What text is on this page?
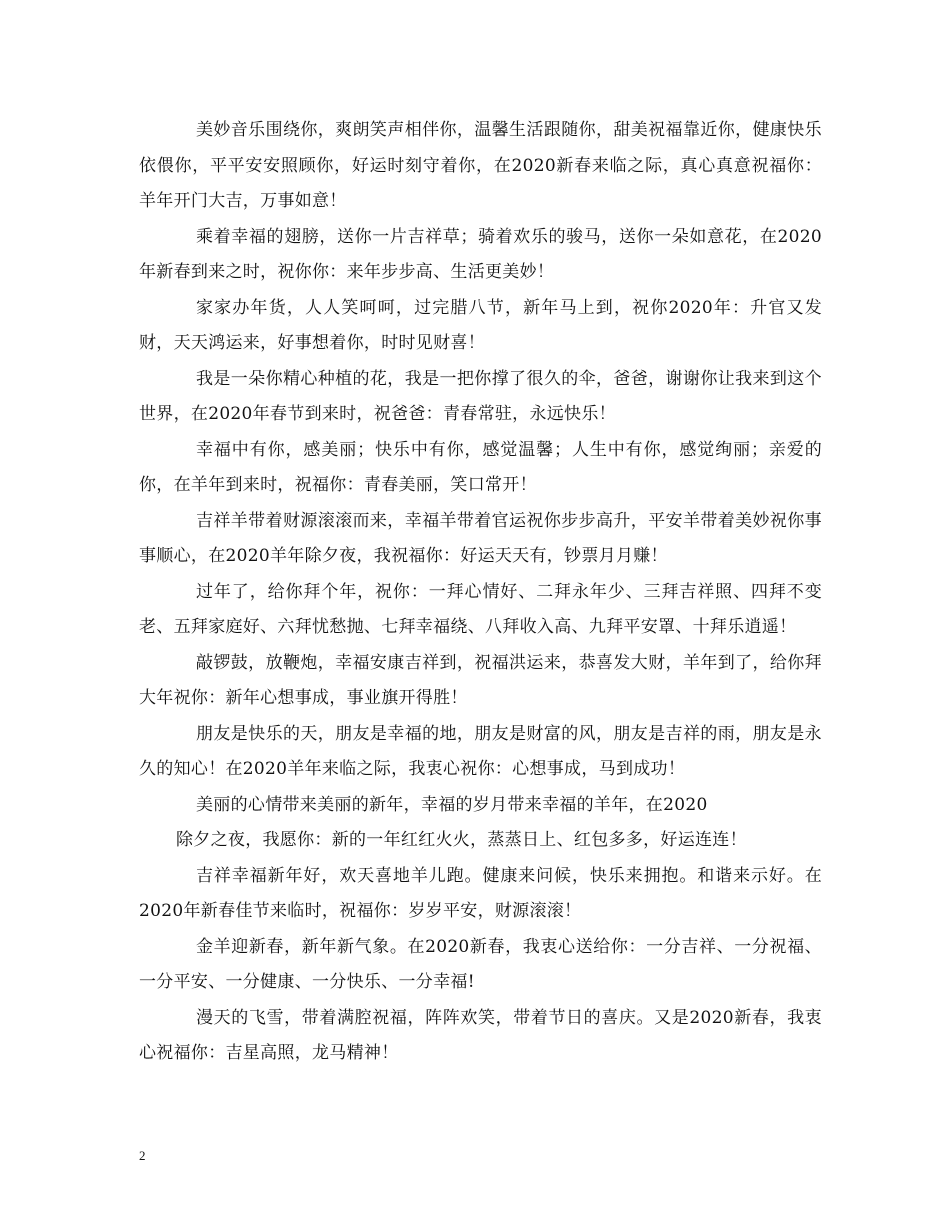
美妙音乐围绕你，爽朗笑声相伴你，温馨生活跟随你，甜美祝福靠近你，健康快乐依偎你，平平安安照顾你，好运时刻守着你，在2020新春来临之际，真心真意祝福你：羊年开门大吉，万事如意！

乘着幸福的翅膀，送你一片吉祥草；骑着欢乐的骏马，送你一朵如意花，在2020年新春到来之时，祝你你：来年步步高、生活更美妙！

家家办年货，人人笑呵呵，过完腊八节，新年马上到，祝你2020年：升官又发财，天天鸿运来，好事想着你，时时见财喜！

我是一朵你精心种植的花，我是一把你撑了很久的伞，爸爸，谢谢你让我来到这个世界，在2020年春节到来时，祝爸爸：青春常驻，永远快乐！

幸福中有你，感美丽；快乐中有你，感觉温馨；人生中有你，感觉绚丽；亲爱的你，在羊年到来时，祝福你：青春美丽，笑口常开！

吉祥羊带着财源滚滚而来，幸福羊带着官运祝你步步高升，平安羊带着美妙祝你事事顺心，在2020羊年除夕夜，我祝福你：好运天天有，钞票月月赚！

过年了，给你拜个年，祝你：一拜心情好、二拜永年少、三拜吉祥照、四拜不变老、五拜家庭好、六拜忧愁抛、七拜幸福绕、八拜收入高、九拜平安罩、十拜乐逍遥！

敲锣鼓，放鞭炮，幸福安康吉祥到，祝福洪运来，恭喜发大财，羊年到了，给你拜大年祝你：新年心想事成，事业旗开得胜！

朋友是快乐的天，朋友是幸福的地，朋友是财富的风，朋友是吉祥的雨，朋友是永久的知心！在2020羊年来临之际，我衷心祝你：心想事成，马到成功！

美丽的心情带来美丽的新年，幸福的岁月带来幸福的羊年，在2020
除夕之夜，我愿你：新的一年红红火火，蒸蒸日上、红包多多，好运连连！

吉祥幸福新年好，欢天喜地羊儿跑。健康来问候，快乐来拥抱。和谐来示好。在2020年新春佳节来临时，祝福你：岁岁平安，财源滚滚！

金羊迎新春，新年新气象。在2020新春，我衷心送给你：一分吉祥、一分祝福、一分平安、一分健康、一分快乐、一分幸福!

漫天的飞雪，带着满腔祝福，阵阵欢笑，带着节日的喜庆。又是2020新春，我衷心祝福你：吉星高照，龙马精神！

2
